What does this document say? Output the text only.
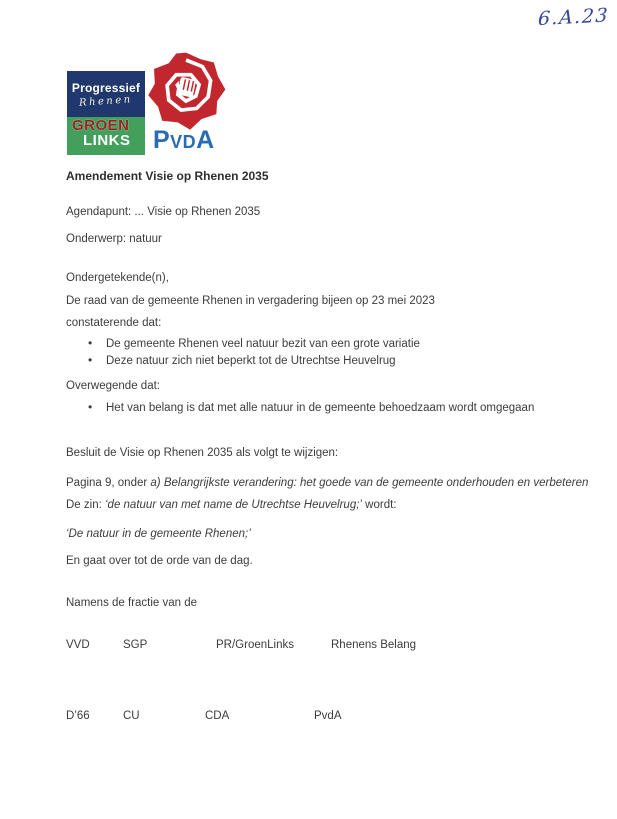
6.A.23
Progressief
Rhenen
GROEN
LINKS PvdA
Amendement Visie op Rhenen 2035
Agendapunt: ... Visie op Rhenen 2035
Onderwerp: natuur
Ondergetekende(n),
De raad van de gemeente Rhenen in vergadering bijeen op 23 mei 2023
constaterende dat:
• De gemeente Rhenen veel natuur bezit van een grote variatie
• Deze natuur zich niet beperkt tot de Utrechtse Heuvelrug
Overwegende dat:
• Het van belang is dat met alle natuur in de gemeente behoedzaam wordt omgegaan
Besluit de Visie op Rhenen 2035 als volgt te wijzigen:
Pagina 9, onder a) Belangrijkste verandering: het goede van de gemeente onderhouden en verbeteren
De zin: ‘de natuur van met name de Utrechtse Heuvelrug;’ wordt:
‘De natuur in de gemeente Rhenen;’
En gaat over tot de orde van de dag.
Namens de fractie van de
VVD	SGP	PR/GroenLinks	Rhenens Belang
D’66	CU	CDA	PvdA
